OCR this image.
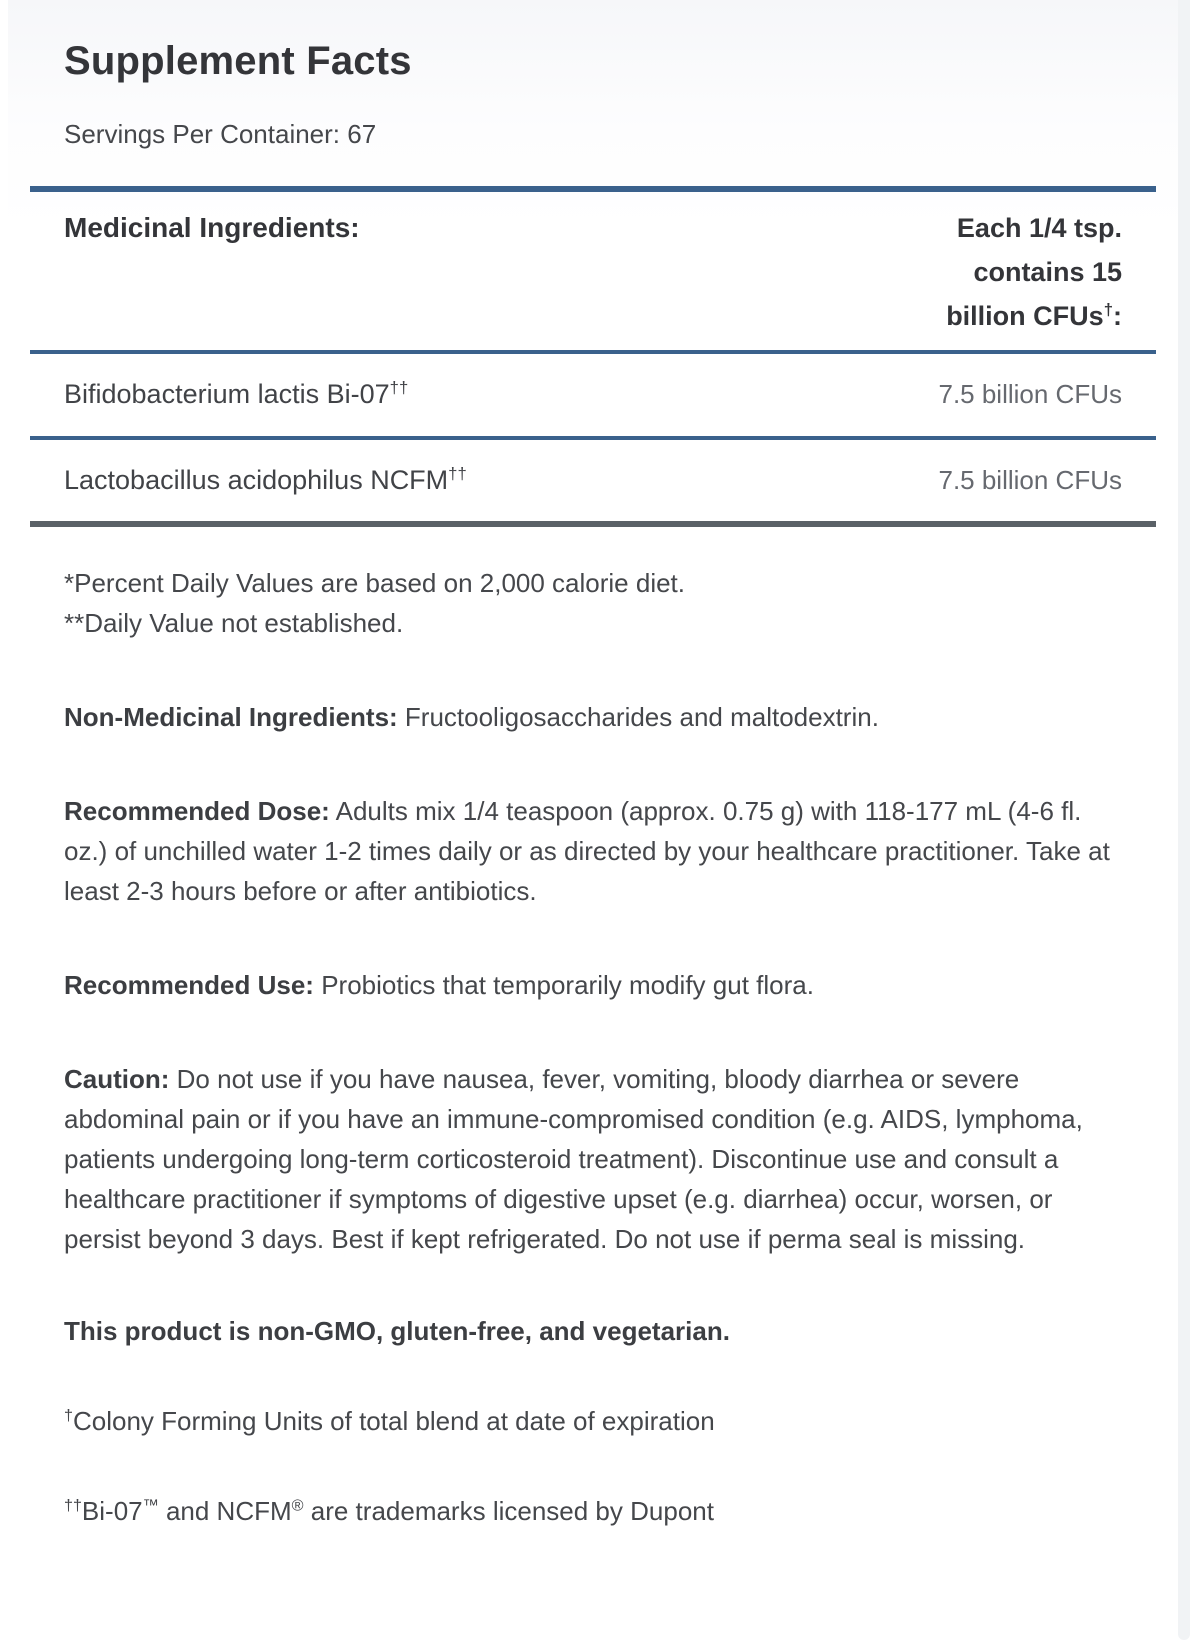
Supplement Facts
Servings Per Container: 67
Medicinal Ingredients:	Each 1/4 tsp.
contains 15
billion CFUs†:
Bifidobacterium lactis Bi-07††	7.5 billion CFUs
Lactobacillus acidophilus NCFM††	7.5 billion CFUs
*Percent Daily Values are based on 2,000 calorie diet.
**Daily Value not established.

Non-Medicinal Ingredients: Fructooligosaccharides and maltodextrin.

Recommended Dose: Adults mix 1/4 teaspoon (approx. 0.75 g) with 118-177 mL (4-6 fl. oz.) of unchilled water 1-2 times daily or as directed by your healthcare practitioner. Take at least 2-3 hours before or after antibiotics.

Recommended Use: Probiotics that temporarily modify gut flora.

Caution: Do not use if you have nausea, fever, vomiting, bloody diarrhea or severe abdominal pain or if you have an immune-compromised condition (e.g. AIDS, lymphoma, patients undergoing long-term corticosteroid treatment). Discontinue use and consult a healthcare practitioner if symptoms of digestive upset (e.g. diarrhea) occur, worsen, or persist beyond 3 days. Best if kept refrigerated. Do not use if perma seal is missing.

This product is non-GMO, gluten-free, and vegetarian.

†Colony Forming Units of total blend at date of expiration

††Bi-07™ and NCFM® are trademarks licensed by Dupont
